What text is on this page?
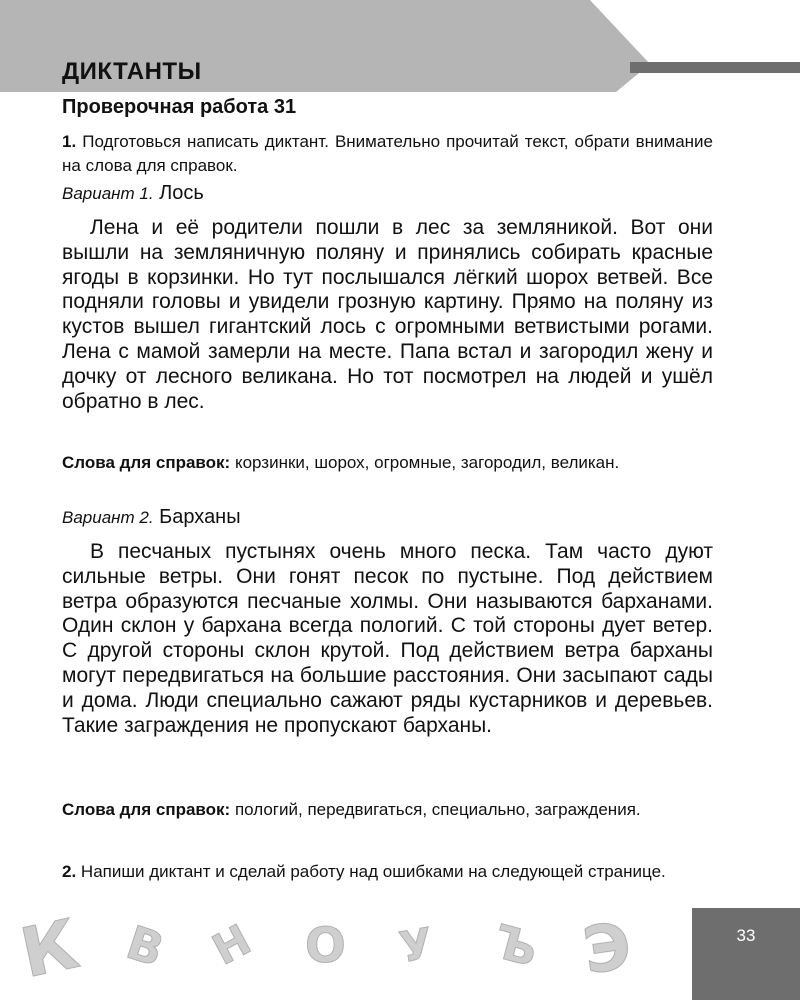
ДИКТАНТЫ
Проверочная работа 31
1. Подготовься написать диктант. Внимательно прочитай текст, обрати внимание на слова для справок.
Вариант 1. Лось
Лена и её родители пошли в лес за земляникой. Вот они вышли на земляничную поляну и принялись собирать красные ягоды в корзинки. Но тут послышался лёгкий шорох ветвей. Все подняли головы и увидели грозную картину. Прямо на поляну из кустов вышел гигантский лось с огромными ветвистыми рогами. Лена с мамой замерли на месте. Папа встал и загородил жену и дочку от лесного великана. Но тот посмотрел на людей и ушёл обратно в лес.
Слова для справок: корзинки, шорох, огромные, загородил, великан.
Вариант 2. Барханы
В песчаных пустынях очень много песка. Там часто дуют сильные ветры. Они гонят песок по пустыне. Под действием ветра образуются песчаные холмы. Они называются барханами. Один склон у бархана всегда пологий. С той стороны дует ветер. С другой стороны склон крутой. Под действием ветра барханы могут передвигаться на большие расстояния. Они засыпают сады и дома. Люди специально сажают ряды кустарников и деревьев. Такие заграждения не пропускают барханы.
Слова для справок: пологий, передвигаться, специально, заграждения.
2. Напиши диктант и сделай работу над ошибками на следующей странице.
К В Н О У Ъ Э	33
